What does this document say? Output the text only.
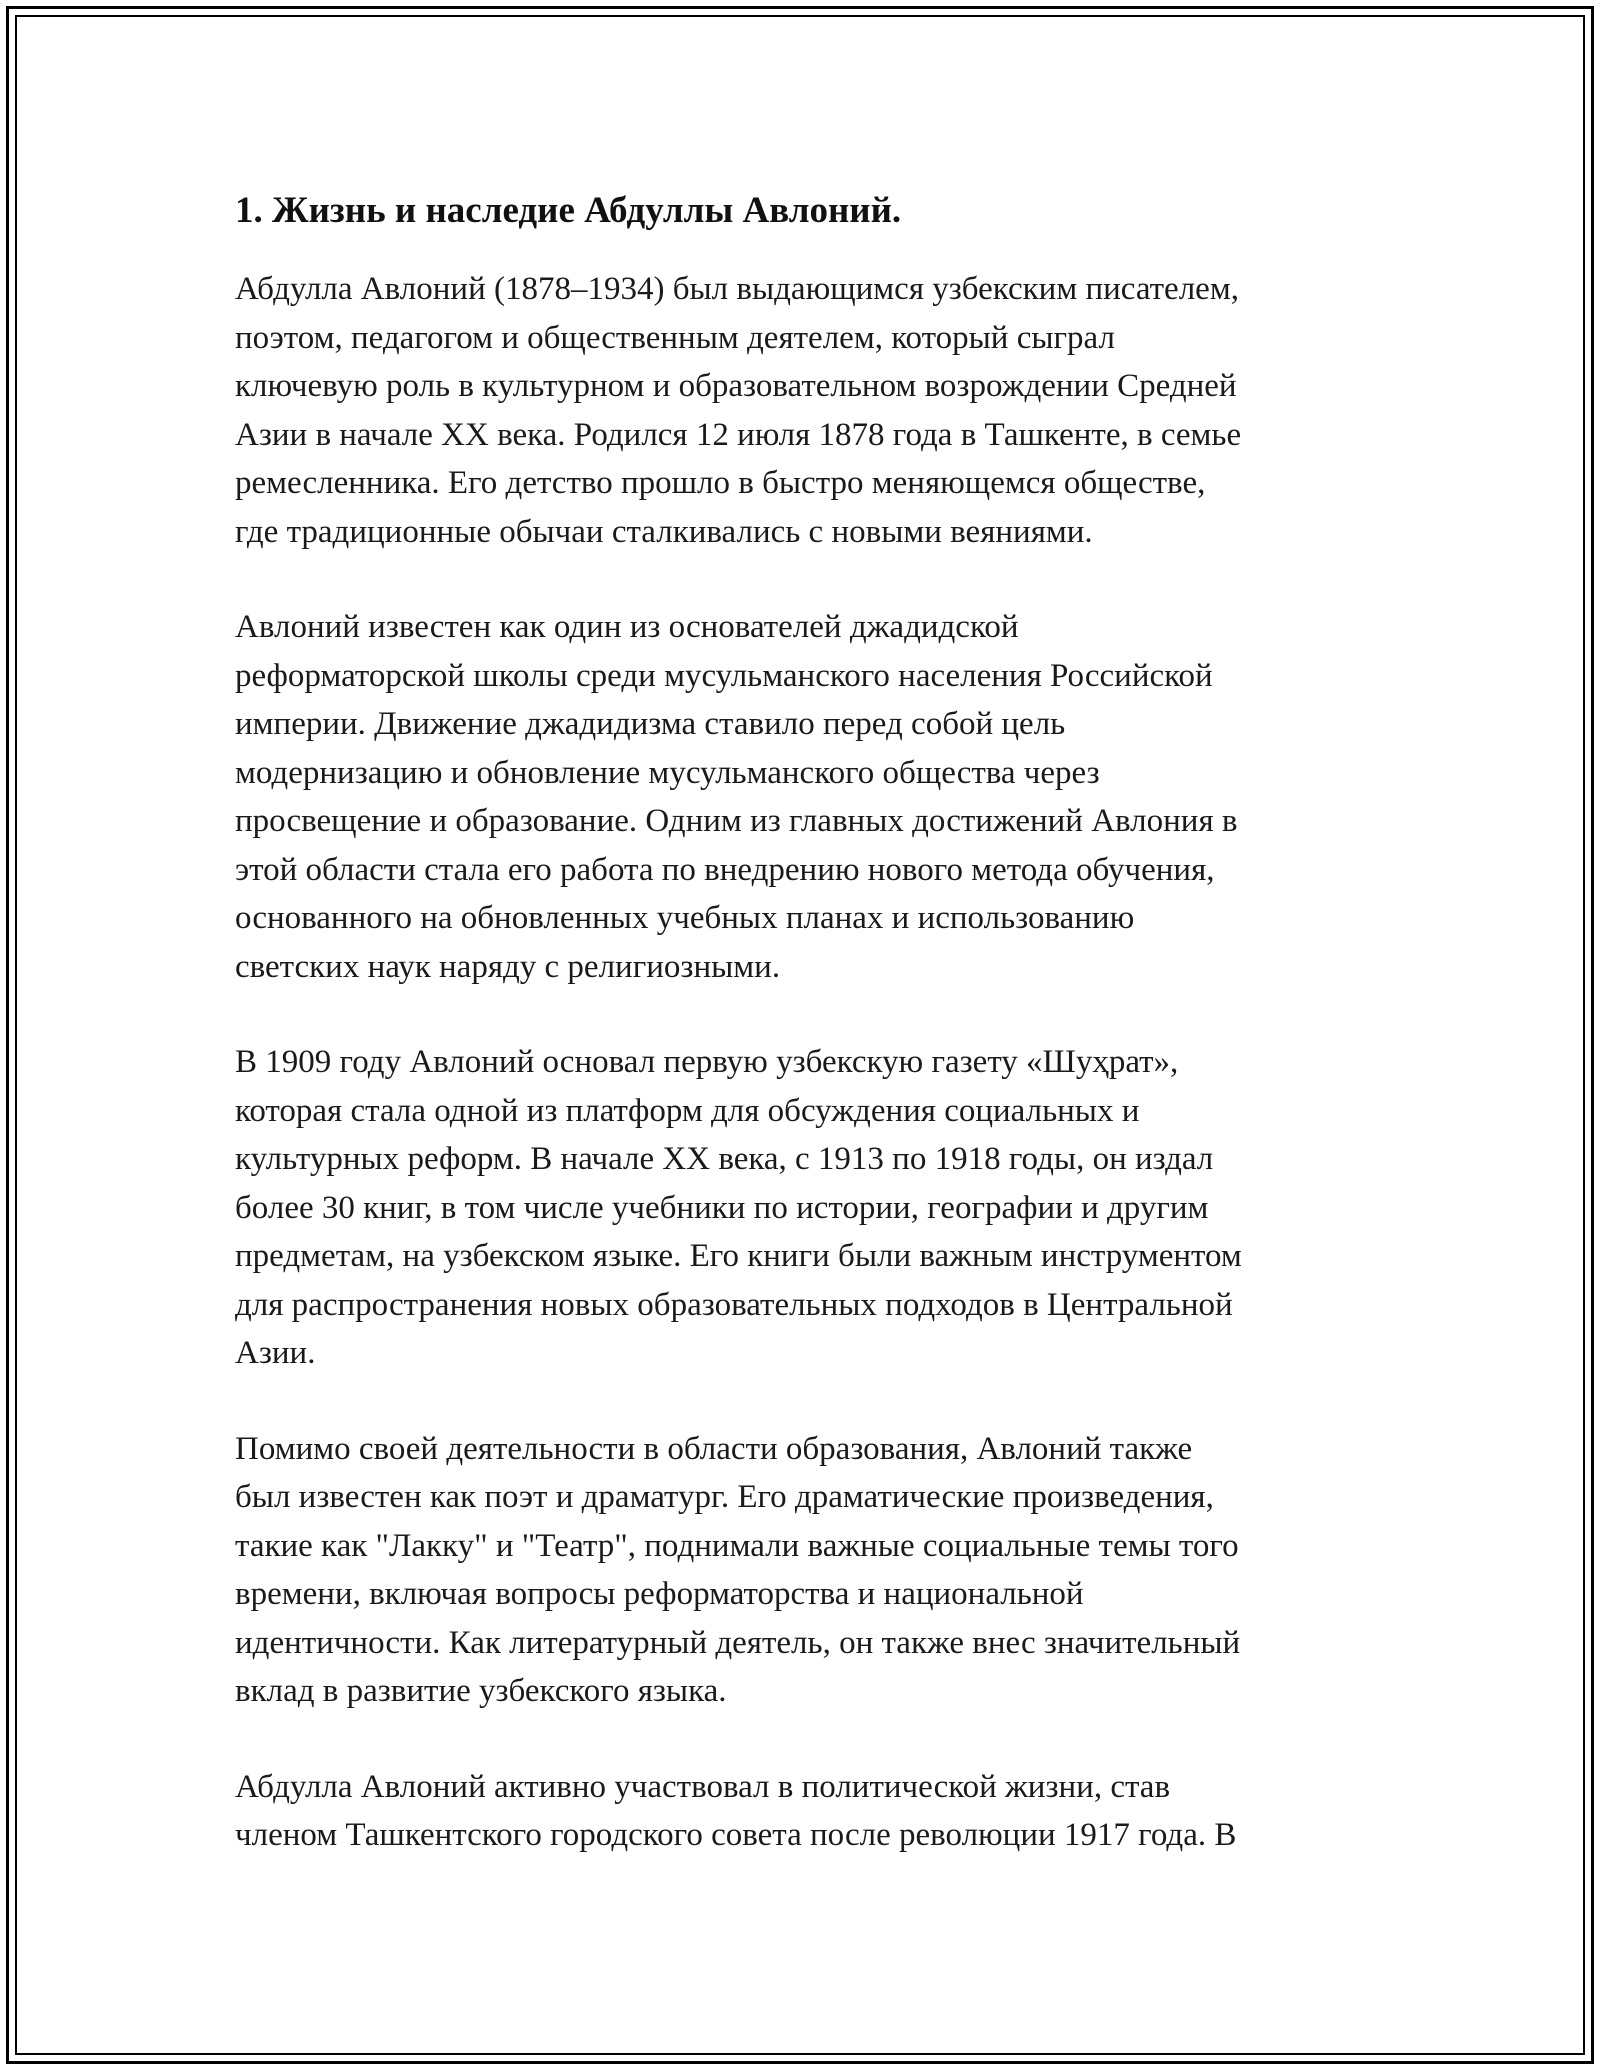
1. Жизнь и наследие Абдуллы Авлоний.

Абдулла Авлоний (1878–1934) был выдающимся узбекским писателем,
поэтом, педагогом и общественным деятелем, который сыграл
ключевую роль в культурном и образовательном возрождении Средней
Азии в начале XX века. Родился 12 июля 1878 года в Ташкенте, в семье
ремесленника. Его детство прошло в быстро меняющемся обществе,
где традиционные обычаи сталкивались с новыми веяниями.

Авлоний известен как один из основателей джадидской
реформаторской школы среди мусульманского населения Российской
империи. Движение джадидизма ставило перед собой цель
модернизацию и обновление мусульманского общества через
просвещение и образование. Одним из главных достижений Авлония в
этой области стала его работа по внедрению нового метода обучения,
основанного на обновленных учебных планах и использованию
светских наук наряду с религиозными.

В 1909 году Авлоний основал первую узбекскую газету «Шуҳрат»,
которая стала одной из платформ для обсуждения социальных и
культурных реформ. В начале XX века, с 1913 по 1918 годы, он издал
более 30 книг, в том числе учебники по истории, географии и другим
предметам, на узбекском языке. Его книги были важным инструментом
для распространения новых образовательных подходов в Центральной
Азии.

Помимо своей деятельности в области образования, Авлоний также
был известен как поэт и драматург. Его драматические произведения,
такие как "Лакку" и "Театр", поднимали важные социальные темы того
времени, включая вопросы реформаторства и национальной
идентичности. Как литературный деятель, он также внес значительный
вклад в развитие узбекского языка.

Абдулла Авлоний активно участвовал в политической жизни, став
членом Ташкентского городского совета после революции 1917 года. В
